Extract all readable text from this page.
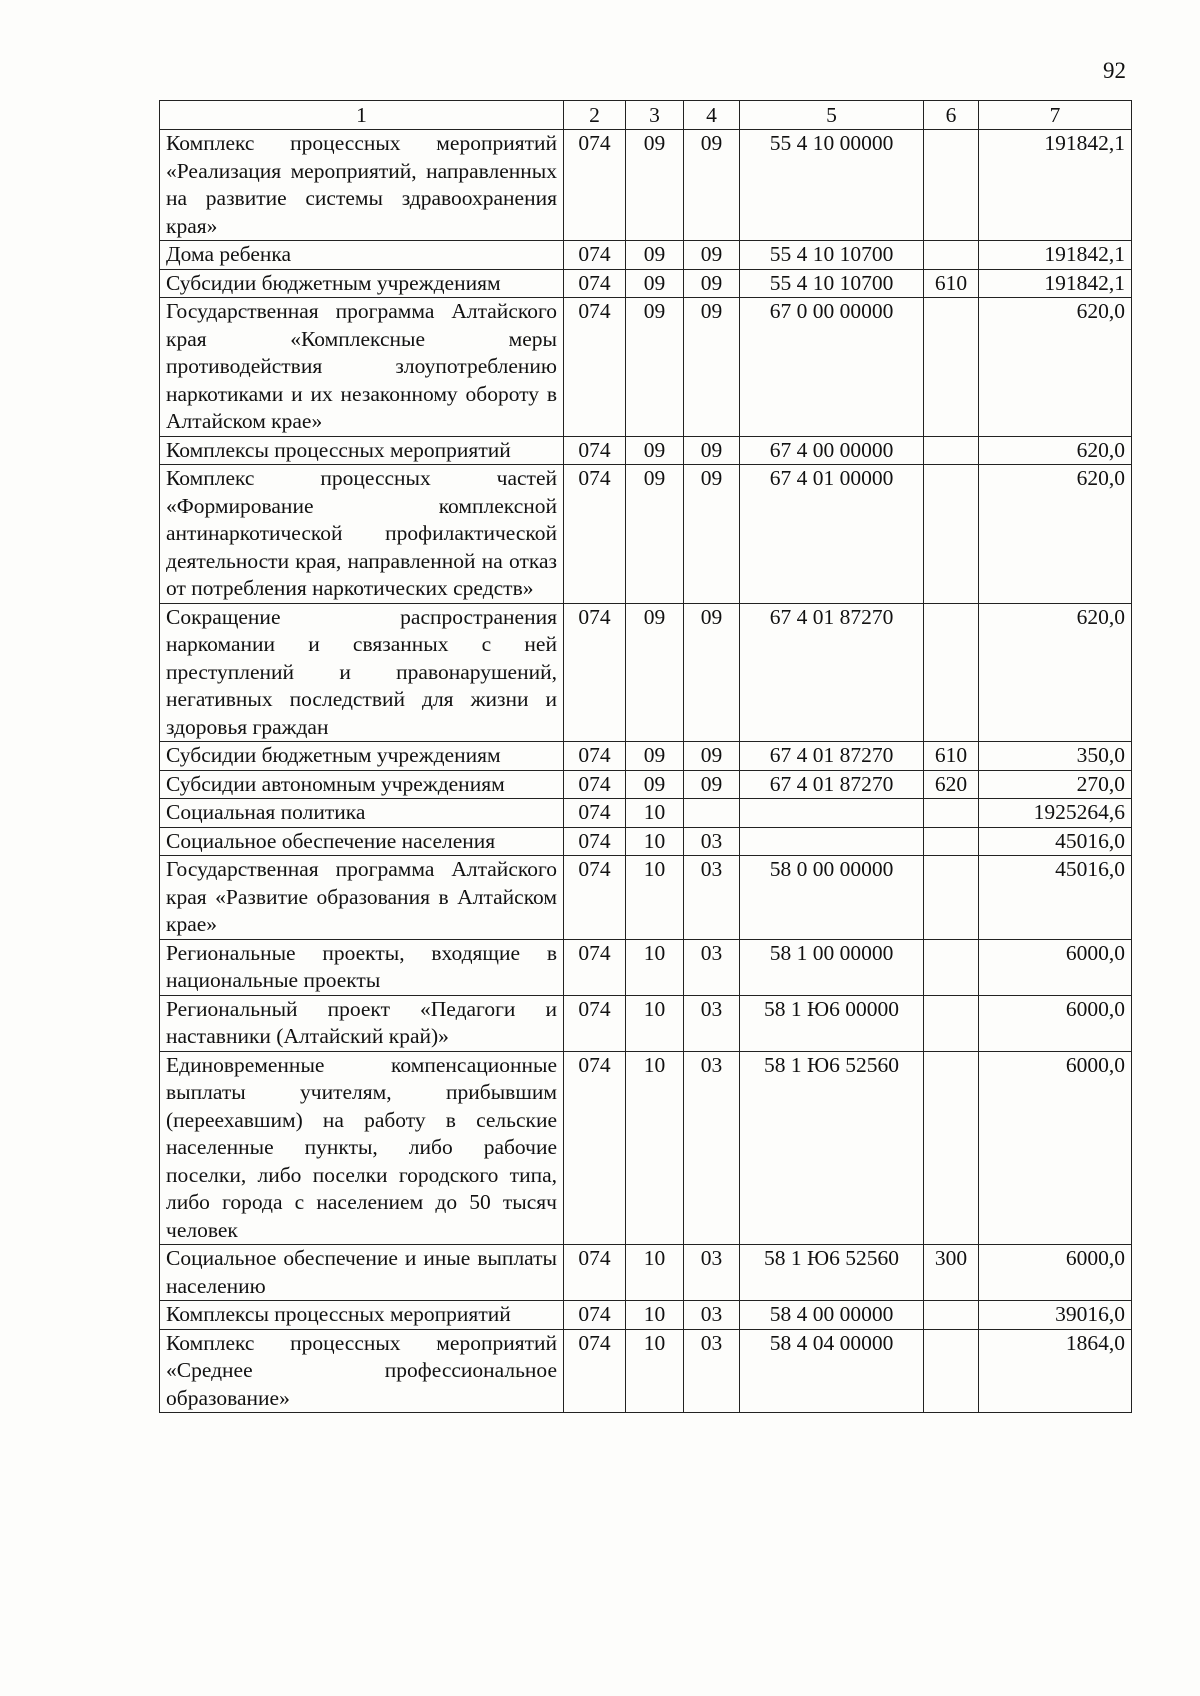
92
1	2	3	4	5	6	7
Комплекс процессных мероприятий «Реализация мероприятий, направленных на развитие системы здравоохранения края»	074	09	09	55 4 10 00000		191842,1
Дома ребенка	074	09	09	55 4 10 10700		191842,1
Субсидии бюджетным учреждениям	074	09	09	55 4 10 10700	610	191842,1
Государственная программа Алтайского края «Комплексные меры противодействия злоупотреблению наркотиками и их незаконному обороту в Алтайском крае»	074	09	09	67 0 00 00000		620,0
Комплексы процессных мероприятий	074	09	09	67 4 00 00000		620,0
Комплекс процессных частей «Формирование комплексной антинаркотической профилактической деятельности края, направленной на отказ от потребления наркотических средств»	074	09	09	67 4 01 00000		620,0
Сокращение распространения наркомании и связанных с ней преступлений и правонарушений, негативных последствий для жизни и здоровья граждан	074	09	09	67 4 01 87270		620,0
Субсидии бюджетным учреждениям	074	09	09	67 4 01 87270	610	350,0
Субсидии автономным учреждениям	074	09	09	67 4 01 87270	620	270,0
Социальная политика	074	10				1925264,6
Социальное обеспечение населения	074	10	03			45016,0
Государственная программа Алтайского края «Развитие образования в Алтайском крае»	074	10	03	58 0 00 00000		45016,0
Региональные проекты, входящие в национальные проекты	074	10	03	58 1 00 00000		6000,0
Региональный проект «Педагоги и наставники (Алтайский край)»	074	10	03	58 1 Ю6 00000		6000,0
Единовременные компенсационные выплаты учителям, прибывшим (переехавшим) на работу в сельские населенные пункты, либо рабочие поселки, либо поселки городского типа, либо города с населением до 50 тысяч человек	074	10	03	58 1 Ю6 52560		6000,0
Социальное обеспечение и иные выплаты населению	074	10	03	58 1 Ю6 52560	300	6000,0
Комплексы процессных мероприятий	074	10	03	58 4 00 00000		39016,0
Комплекс процессных мероприятий «Среднее профессиональное образование»	074	10	03	58 4 04 00000		1864,0
